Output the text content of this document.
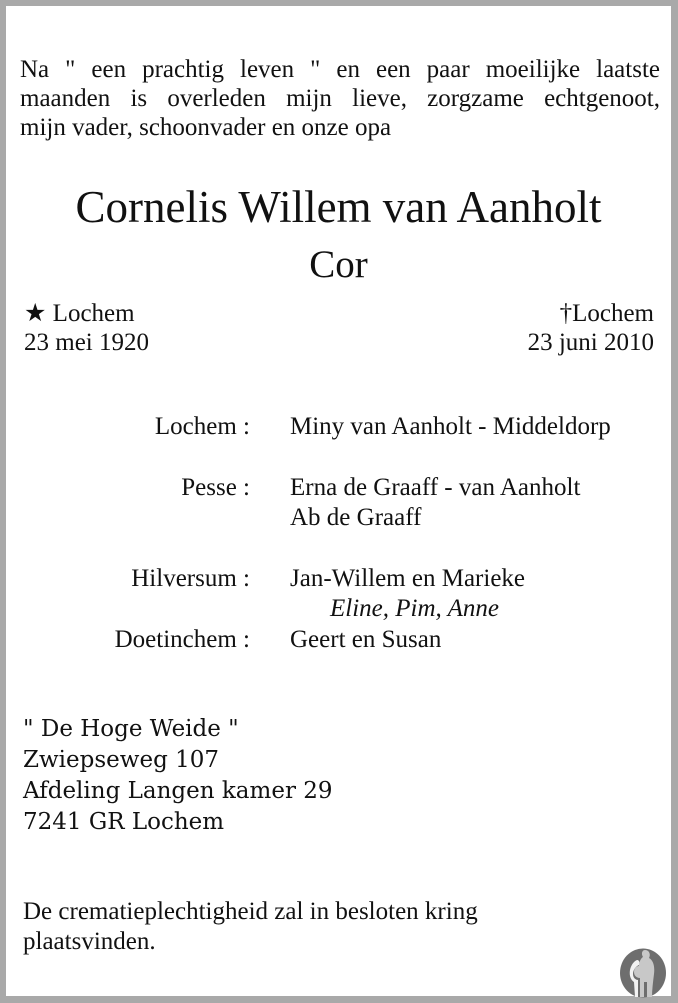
Na " een prachtig leven " en een paar moeilijke laatste
maanden is overleden mijn lieve, zorgzame echtgenoot,
mijn vader, schoonvader en onze opa
Cornelis Willem van Aanholt
Cor
★ Lochem
23 mei 1920
†Lochem
23 juni 2010
Lochem : Miny van Aanholt - Middeldorp
Pesse : Erna de Graaff - van Aanholt
Ab de Graaff
Hilversum : Jan-Willem en Marieke
Eline, Pim, Anne
Doetinchem : Geert en Susan
" De Hoge Weide "
Zwiepseweg 107
Afdeling Langen kamer 29
7241 GR Lochem
De crematieplechtigheid zal in besloten kring
plaatsvinden.
